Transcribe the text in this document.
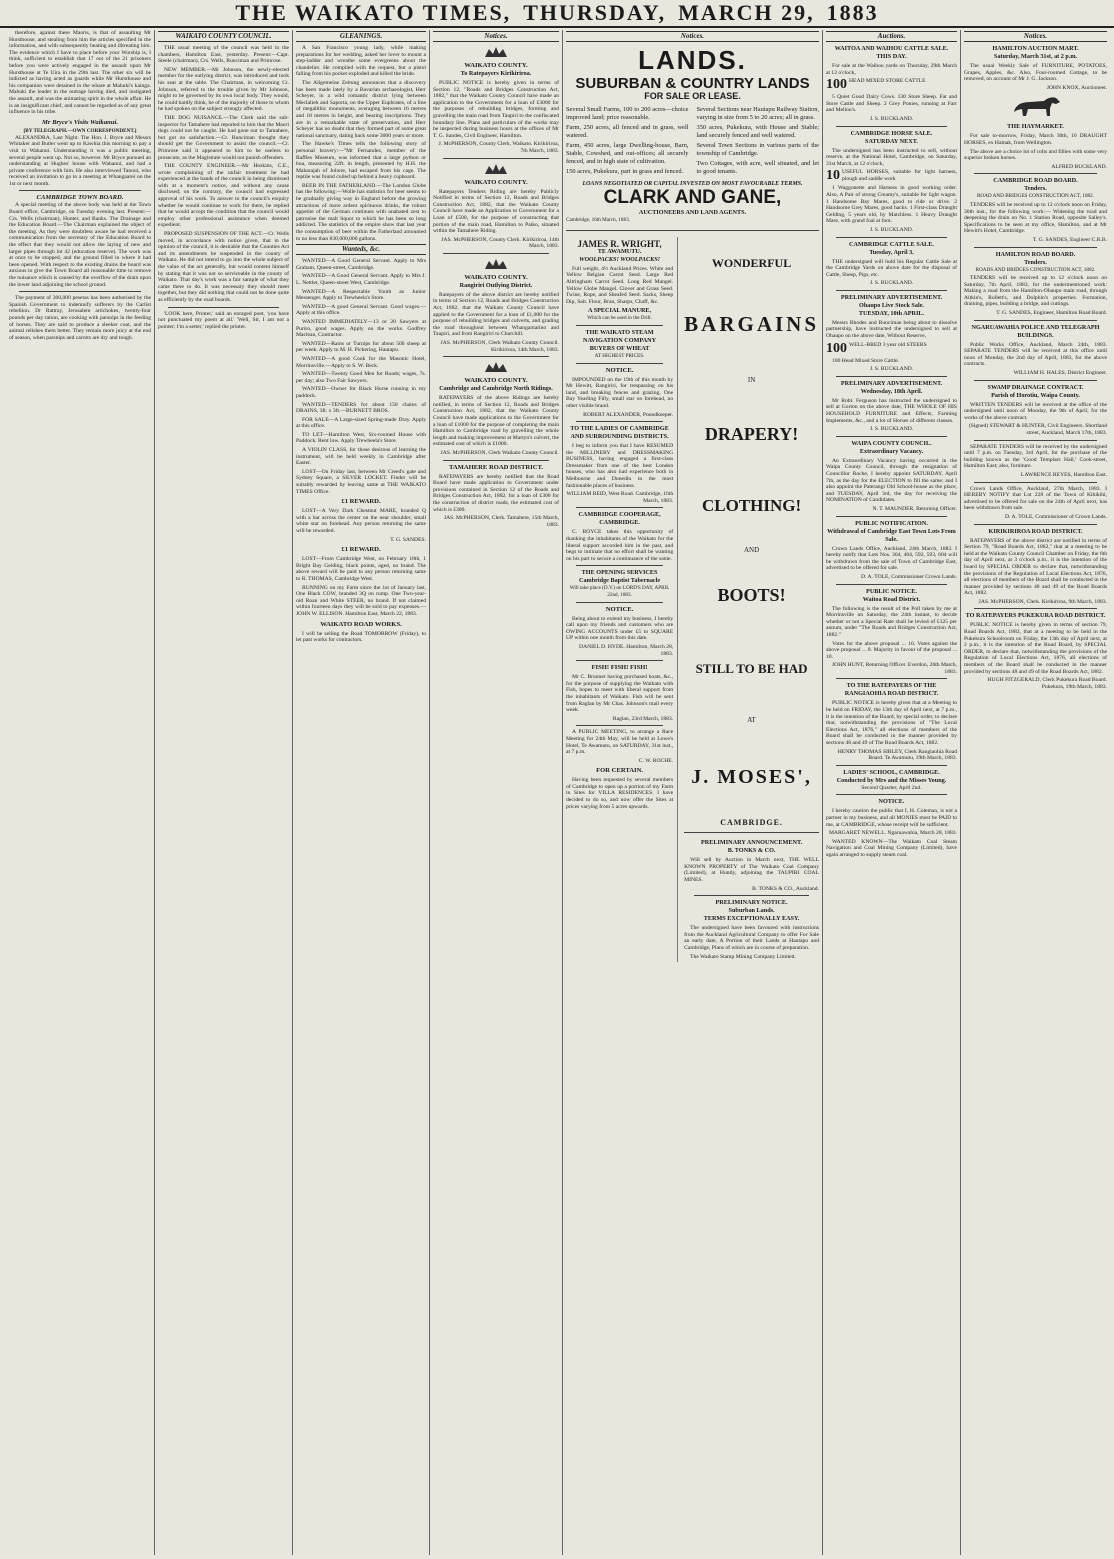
THE WAIKATO TIMES, THURSDAY, MARCH 29, 1883
therefore, against these Maoris, is that of assaulting Mr Hursthouse, and stealing from him the articles specified in the information, and with subsequently beating and illtreating him. The evidence which I have to place before your Worship is, I think, sufficient to establish that 17 out of the 21 prisoners before you were actively engaged in the assault upon Mr Hursthouse at Te Uira in the 29th last. The other six will be indicted as having acted as guards while Mr Hursthouse and his companion were detained in the whare at Mahuki's kainga. Mahuki the leader in the outrage having died, and instigated the assault, and was the animating spirit in the whole affair. He is an insignificant chief, and cannot be regarded as of any great influence in his tribe.
Mr Bryce's Visits Waikanui.
[BY TELEGRAPH.—OWN CORRESPONDENT.]
ALEXANDRA, Last Night. The Hon. J. Bryce and Messrs Whitaker and Butler went up to Kawhia this morning to pay a visit to Wahanui. Understanding it was a public meeting, several people went up. Not so, however. Mr Bryce pursued an understanding at Hughes' house with Wahanui, and had a private conference with him. He also interviewed Tanoui, who received an invitation to go to a meeting at Whangaarei on the 1st or next month.
CAMBRIDGE TOWN BOARD.
A special meeting of the above body was held at the Town Board office, Cambridge, on Tuesday evening last. Present:—Crs. Wells (chairman), Hunter, and Banks. The Drainage and the Education Board.—The Chairman explained the object of the meeting. As they were doubtless aware he had received a communication from the secretary of the Education Board to the effect that they would not allow the laying of new and larger pipes through lot 42 (education reserve). The work was at once to be stopped, and the ground filled in where it had been opened. With respect to the existing drains the board was anxious to give the Town Board all reasonable time to remove the nuisance which is caused by the overflow of the drain upon the lower land adjoining the school ground.
The payment of 300,000 pesetas has been authorised by the Spanish Government to indemnify sufferers by the Carlist rebellion. Dr Rattray, Jerusalem artichokes, twenty-four pounds per day ration, are cooking with parsnips in the feeding of horses. They are said to produce a sleeker coat, and the animal relishes them better. They remain more juicy at the end of season, when parsnips and carrots are dry and tough.
WAIKATO COUNTY COUNCIL.
THE usual meeting of the council was held in the chambers, Hamilton East, yesterday. Present:—Capt. Steele (chairman), Crs. Wells, Runciman and Primrose.
NEW MEMBER.—Mr Johnson, the newly-elected member for the outlying district, was introduced and took his seat at the table. The Chairman, in welcoming Cr. Johnson, referred to the trouble given by Mr Johnson, might to be governed by its own local body. They would, he could hardly think, be of the majority of those to whom he had spoken on the subject strongly affected.
THE DOG NUISANCE.—The Clerk said the sub-inspector for Tamahere had reported to him that the Maori dogs could not be caught. He had gone out to Tamahere, but got no satisfaction.—Cr. Runciman thought they should get the Government to assist the council.—Cr. Primrose said it appeared to him to be useless to prosecute, as the Magistrate would not punish offenders.
THE COUNTY ENGINEER.—Mr Hoskins, C.E., wrote complaining of the unfair treatment he had experienced at the hands of the council in being dismissed with at a moment's notice, and without any cause disclosed; on the contrary, the council had expressed approval of his work. To answer to the council's enquiry whether he would continue to work for them, he replied that he would accept the condition that the council would employ other professional assistance when deemed expedient.
PROPOSED SUSPENSION OF THE ACT.—Cr. Wells moved, in accordance with notice given, that in the opinion of the council, it is desirable that the Counties Act and its amendments be suspended in the county of Waikato. He did not intend to go into the whole subject of the value of the act generally, but would content himself by stating that it was not so serviceable in the county of Waikato. That day's work was a fair sample of what they came there to do. It was necessary they should meet together, but they did nothing that could not be done quite as efficiently by the road boards.
'LOOK here, Printer,' said an enraged poet, 'you have not punctuated my poem at all.' 'Well, Sir, I am not a pointer; I'm a setter,' replied the printer.
GLEANINGS.
A San Francisco young lady, while making preparations for her wedding, asked her lover to mount a step-ladder and wreathe some evergreens about the chandelier. He complied with the request, but a pistol falling from his pocket exploded and killed the bride.
The Allgemeine Zeitung announces that a discovery has been made lately by a Bavarian archaeologist, Herr Scheyer, in a wild romantic district lying between Meclalieh and Saporta, on the Upper Euphrates, of a line of megalithic monuments, averaging between 16 metres and 18 metres in height, and bearing inscriptions. They are in a remarkable state of preservation, and Herr Scheyer has no doubt that they formed part of some great national sanctuary, dating back some 3000 years or more.
The Hawke's Times tells the following story of personal bravery:—"Mr Fernandez, member of the Raffles Museum, was informed that a large python or boa, measuring 22ft. in length, presented by H.H. the Maharajah of Johore, had escaped from his cage. The reptile was found coiled up behind a heavy cupboard.
BEER IN THE FATHERLAND.—The London Globe has the following:—Wolle has statistics for beer seems to be gradually giving way in England before the growing attractions of more ardent spirituous drinks, the robust appetite of the German continues with unabated zest to patronise the malt liquor to which he has been so long addicted. The statistics of the empire show that last year the consumption of beer within the Fatherland amounted to no less than 830,000,000 gallons.
Wanteds, &c.
WANTED—A Good General Servant. Apply to Mrs Graham, Queen-street, Cambridge.
WANTED—A Good General Servant. Apply to Mrs J. L. Nettlet, Queen-street West, Cambridge.
WANTED—A Respectable Youth as Junior Messenger. Apply to Trewheela's Store.
WANTED—A good General Servant. Good wages.—Apply at this office.
WANTED IMMEDIATELY—13 or 20 Sawyers at Puriro, good wages. Apply on the works. Godfrey Maclean, Contractor.
WANTED—Rams or Turnips for about 500 sheep at per week. Apply to M. H. Pickering, Hautapu.
WANTED—A good Cook for the Masonic Hotel, Morrinsville.—Apply to S. W. Beck.
WANTED—Twenty Good Men for Roads; wages, 7s. per day; also Two Fair Sawyers.
WANTED—Owner for Black Horse running in my paddock.
WANTED—TENDERS for about 150 chains of DRAINS, 3ft. x 3ft.—BURNETT BROS.
FOR SALE—A Large-sized Spring-made Dray. Apply at this office.
TO LET—Hamilton West, Six-roomed House with Paddock. Rent low. Apply Trewheela's Store.
A VIOLIN CLASS, for those desirous of learning the instrument, will be held weekly in Cambridge after Easter.
LOST—On Friday last, between Mr Creed's gate and Sydney Square, a SILVER LOCKET. Finder will be suitably rewarded by leaving same at THE WAIKATO TIMES Office.
£1 REWARD.
LOST—A Very Dark Chestnut MARE, branded Q with a bar across the center on the near shoulder, small white star on forehead. Any person returning the same will be rewarded.
T. G. SANDES.
£1 REWARD.
LOST—From Cambridge West, on February 18th, 1 Bright Bay Gelding, black points, aged, no brand. The above reward will be paid to any person returning same to R. THOMAS, Cambridge West.
RUNNING on my Farm since the 1st of January last, One Black COW, branded 3Q on rump. One Two-year-old Roan and White STEER, no brand. If not claimed within fourteen days they will be sold to pay expenses.—JOHN W. ELLISON. Hamilton East, March 22, 1883.
WAIKATO ROAD WORKS.
I will be selling the Road TOMORROW (Friday), to let past works for contractors.
Notices.
WAIKATO COUNTY.
To Ratepayers Kirikiriroa.
PUBLIC NOTICE is hereby given in terms of Section 12, "Roads and Bridges Construction Act, 1882," that the Waikato County Council have made an application to the Government for a loan of £3000 for the purposes of rebuilding bridges, forming and gravelling the main road from Taupiri to the confiscated boundary line. Plans and particulars of the works may be inspected during business hours at the offices of Mr T. G. Sandes, Civil Engineer, Hamilton.
J. McPHERSON, County Clerk, Waikato. Kirikiriroa, 7th March, 1883.
WAIKATO COUNTY.
Ratepayers Tenders Riding are hereby Publicly Notified in terms of Section 12, Roads and Bridges Construction Act, 1882, that the Waikato County Council have made an Application to Government for a Loan of £500, for the purpose of constructing that portion of the main road, Hamilton to Paiko, situated within the Tamahere Riding.
JAS. McPHERSON, County Clerk. Kirikiriroa, 14th March, 1883.
WAIKATO COUNTY.
Rangiriri Outlying District.
Ratepayers of the above district are hereby notified in terms of Section 12, Roads and Bridges Construction Act, 1882, that the Waikato County Council have applied to the Government for a loan of £1,000 for the purpose of rebuilding bridges and culverts, and grading the road throughout between Whangamarino and Taupiri, and from Rangiriri to Churchill.
JAS. McPHERSON, Clerk Waikato County Council. Kirikiriroa, 14th March, 1883.
WAIKATO COUNTY.
Cambridge and Cambridge North Ridings.
RATEPAYERS of the above Ridings are hereby notified, in terms of Section 12, Roads and Bridges Construction Act, 1882, that the Waikato County Council have made applications to the Government for a loan of £1000 for the purpose of completing the main Hamilton to Cambridge road by gravelling the whole length and making improvement at Martyn's culvert, the estimated cost of which is £1000.
JAS. McPHERSON, Clerk Waikato County Council.
TAMAHERE ROAD DISTRICT.
RATEPAYERS are hereby notified that the Road Board have made application to Government under provisions contained in Section 12 of the Roads and Bridges Construction Act, 1882, for a loan of £300 for the construction of district roads, the estimated cost of which is £300.
JAS. McPHERSON, Clerk. Tamahere, 15th March, 1883.
Notices.
LANDS.
SUBURBAN & COUNTRY LANDS
FOR SALE OR LEASE.

Several Small Farms, 100 to 200 acres—choice improved land; price reasonable.

Farm, 250 acres, all fenced and in grass, well watered.

Farm, 450 acres, large Dwelling-house, Barn, Stable, Cowshed, and out-offices; all securely fenced, and in high state of cultivation.

150 acres, Pukekura, part in grass and fenced.

Several Sections near Hautapu Railway Station, varying in size from 5 to 20 acres; all in grass.

350 acres, Pukekura, with House and Stable; land securely fenced and well watered.

Several Town Sections in various parts of the township of Cambridge.

Two Cottages, with acre, well situated, and let to good tenants.

LOANS NEGOTIATED OR CAPITAL INVESTED ON MOST FAVOURABLE TERMS.
CLARK AND GANE,
AUCTIONEERS AND LAND AGENTS.
Cambridge, 16th March, 1883.
JAMES R. WRIGHT,
TE AWAMUTU.
WOOLPACKS! WOOLPACKS!
Full weight, 4½ Auckland Prices. White and Yellow Belgian Carrot Seed. Large Red Altringham Carrot Seed. Long Red Mangel. Yellow Globe Mangel. Clover and Grass Seed. Twine, Rope, and Sheafed Seed. Sacks, Sheep Dip, Salt. Flour, Bran, Sharps, Chaff, &c.
A SPECIAL MANURE,
Which can be used in the Drill.
THE WAIKATO STEAM NAVIGATION COMPANY
BUYERS OF WHEAT
AT HIGHEST PRICES.
NOTICE.
IMPOUNDED on the 19th of this month by Mr Hewitt, Rangiriri, for trespassing on his land, and breaking fences and grazing, One Bay Yearling Filly, small star on forehead, no other visible brand.
ROBERT ALEXANDER, Poundkeeper.
TO THE LADIES OF CAMBRIDGE AND SURROUNDING DISTRICTS.
I beg to inform you that I have RESUMED the MILLINERY and DRESSMAKING BUSINESS, having engaged a first-class Dressmaker from one of the best London houses, who has also had experience both in Melbourne and Dunedin in the most fashionable places of business.
WILLIAM REID, West Road. Cambridge, 16th March, 1883.
CAMBRIDGE COOPERAGE,
CAMBRIDGE.
C. BOYCE takes this opportunity of thanking the inhabitants of the Waikato for the liberal support accorded him in the past, and begs to intimate that no effort shall be wanting on his part to secure a continuance of the same.
THE OPENING SERVICES
Cambridge Baptist Tabernacle
Will take place (D.V.) on LORD'S DAY, APRIL 22nd, 1883.
NOTICE.
Being about to extend my business, I hereby call upon my friends and customers who are OWING ACCOUNTS under £5 to SQUARE UP within one month from this date.
DANIEL D. HYDE. Hamilton, March 28, 1883.
FISH! FISH! FISH!
Mr C. Brunner having purchased boats, &c., for the purpose of supplying the Waikato with Fish, hopes to meet with liberal support from the inhabitants of Waikato. Fish will be sent from Raglan by Mr Chas. Johnson's mail every week.
Raglan, 23rd March, 1883.
A PUBLIC MEETING, to arrange a Race Meeting for 24th May, will be held at Lowe's Hotel, Te Awamutu, on SATURDAY, 31st inst., at 7 p.m.
C. W. ROCHE.
FOR CERTAIN.
Having been requested by several members of Cambridge to open up a portion of my Farm in Sites for VILLA RESIDENCES. I have decided to do so, and now offer the Sites at prices varying from 5 acres upwards.
WONDERFUL
BARGAINS
IN
DRAPERY!
CLOTHING!
AND
BOOTS!
STILL TO BE HAD
AT
J. MOSES',
CAMBRIDGE.
PRELIMINARY ANNOUNCEMENT.
B. TONKS & CO.
Will sell by Auction in March next, THE WELL KNOWN PROPERTY of The Waikato Coal Company (Limited), at Huntly, adjoining the TAUPIRI COAL MINES.
B. TONKS & CO., Auckland.
PRELIMINARY NOTICE.
Suburban Lands.
TERMS EXCEPTIONALLY EASY.
The undersigned have been favoured with instructions from the Auckland Agricultural Company to offer For Sale an early date, A Portion of their Lands at Hautapu and Cambridge, Plans of which are in course of preparation.
The Waikato Stamp Mining Company Limited.
Auctions.
WAITOA AND WAIHOU CATTLE SALE.
THIS DAY.
For sale at the Waihou yards on Thursday, 29th March at 12 o'clock,
100 HEAD MIXED STORE CATTLE
5 Quiet Good Dairy Cows. 130 Store Sheep. Fat and Store Cattle and Sheep. 2 Grey Ponies, running at Farr and Mellon's.
J. S. BUCKLAND.
CAMBRIDGE HORSE SALE.
SATURDAY NEXT.
The undersigned has been instructed to sell, without reserve, at the National Hotel, Cambridge, on Saturday, 31st March, at 12 o'clock,
10 USEFUL HORSES, suitable for light harness, plough and saddle work
1 Waggonette and Harness in good working order. Also, A Pair of strong Creamy's, suitable for light wagon. 1 Handsome Bay Mares, good to ride or drive. 2 Handsome Grey Mares, good hacks. 1 First-class Draught Gelding, 5 years old, by Matchless. 1 Heavy Draught Mare, with grand foal at foot.
J. S. BUCKLAND.
CAMBRIDGE CATTLE SALE.
Tuesday, April 3.
THE undersigned will hold his Regular Cattle Sale at the Cambridge Yards on above date for the disposal of Cattle, Sheep, Pigs, etc.
J. S. BUCKLAND.
PRELIMINARY ADVERTISEMENT.
Ohaupo Live Stock Sale.
TUESDAY, 10th APRIL.
Messrs Rhodes and Runciman being about to dissolve partnership, have instructed the undersigned to sell at Ohaupo on the above date, Without Reserve,
100 WELL-BRED 3 year old STEERS
100 Head Mixed Store Cattle.
J. S. BUCKLAND.
PRELIMINARY ADVERTISEMENT.
Wednesday, 18th April.
Mr Robt. Ferguson has instructed the undersigned to sell at Gorton on the above date, THE WHOLE OF HIS HOUSEHOLD FURNITURE and Effects, Farming Implements, &c., and a lot of Horses of different classes.
J. S. BUCKLAND.
WAIPA COUNTY COUNCIL.
Extraordinary Vacancy.
An Extraordinary Vacancy having occurred in the Waipa County Council, through the resignation of Councillor Roche, I hereby appoint SATURDAY, April 7th, as the day for the ELECTION to fill the same; and I also appoint the Paterangi Old School-house as the place, and TUESDAY, April 3rd, the day for receiving the NOMINATION of Candidates.
N. T. MAUNDER, Returning Officer.
PUBLIC NOTIFICATION.
Withdrawal of Cambridge East Town Lots From Sale.
Crown Lands Office, Auckland, 24th March, 1883. I hereby notify that Lots Nos. 304, 404, 592, 593, 604 will be withdrawn from the sale of Town of Cambridge East, advertised to be offered for sale.
D. A. TOLE, Commissioner Crown Lands.
PUBLIC NOTICE.
Waitoa Road District.
The following is the result of the Poll taken by me at Morrinsville on Saturday, the 24th instant, to decide whether or not a Special Rate shall be levied of £125 per annum, under "The Roads and Bridges Construction Act, 1882."
Votes for the above proposal ... 10. Votes against the above proposal ... 0. Majority in favour of the proposal ... 10.
JOHN HUNT, Returning Officer. Everdon, 26th March, 1883.
TO THE RATEPAYERS OF THE RANGIAOHIA ROAD DISTRICT.
PUBLIC NOTICE is hereby given that at a Meeting to be held on FRIDAY, the 13th day of April next, at 7 p.m., it is the intention of the Board, by special order, to declare that, notwithstanding the provisions of "The Local Elections Act, 1876," all elections of members of the Board shall be conducted in the manner provided by sections 48 and 49 of The Road Boards Act, 1882.
HENRY THOMAS SIBLEY, Clerk Rangiaohia Road Board. Te Awamutu, 19th March, 1883.
LADIES' SCHOOL, CAMBRIDGE.
Conducted by Mrs and the Misses Young.
Second Quarter, April 2nd.
NOTICE.
I hereby caution the public that I, H. Coleman, is not a partner in my business, and all MONIES must be PAID to me, at CAMBRIDGE, whose receipt will be sufficient.
MARGARET NEWELL. Ngaruawahia, March 28, 1883.
WANTED KNOWN—The Waikato Coal Steam Navigation and Coal Mining Company (Limited), have again arranged to supply steam coal.
Notices.
HAMILTON AUCTION MART.
Saturday, March 31st, at 2 p.m.
The usual Weekly Sale of FURNITURE, POTATOES, Grapes, Apples, &c. Also, Four-roomed Cottage, to be removed, on account of Mr J. G. Jackson.
JOHN KNOX, Auctioneer.
THE HAYMARKET.
For sale to-morrow, Friday, March 30th, 10 DRAUGHT HORSES, ex Hamak, from Wellington.
The above are a choice lot of colts and fillies with some very superior broken horses.
ALFRED BUCKLAND.
CAMBRIDGE ROAD BOARD.
Tenders.
ROAD AND BRIDGES CONSTRUCTION ACT, 1882.
TENDERS will be received up to 12 o'clock noon on Friday, 30th inst., for the following work:— Widening the road and deepening the drain on No. 1 Station Road, opposite Salley's. Specifications to be seen at my office, Hamilton, and at Mr Hewitt's Hotel, Cambridge.
T. G. SANDES, Engineer C.R.B.
HAMILTON ROAD BOARD.
Tenders.
ROADS AND BRIDGES CONSTRUCTION ACT, 1882.
TENDERS will be received up to 12 o'clock noon on Saturday, 7th April, 1883, for the undermentioned work: Making a road from the Hamilton-Ohaupo main road, through Aitkin's, Rollett's, and Dolphin's properties. Formation, draining, pipes, building a bridge, and cuttings.
T. G. SANDES, Engineer, Hamilton Road Board.
NGARUAWAHIA POLICE AND TELEGRAPH BUILDINGS.
Public Works Office, Auckland, March 24th, 1883. SEPARATE TENDERS will be received at this office until noon of Monday, the 2nd day of April, 1883, for the above contracts.
WILLIAM H. HALES, District Engineer.
SWAMP DRAINAGE CONTRACT.
Parish of Horotiu, Waipa County.
WRITTEN TENDERS will be received at the office of the undersigned until noon of Monday, the 9th of April, for the works of the above contract.
(Signed) STEWART & HUNTER, Civil Engineers. Shortland street, Auckland, March 17th, 1883.
SEPARATE TENDERS will be received by the undersigned until 7 p.m. on Tuesday, 3rd April, for the purchase of the building known as the 'Good Templars Hall,' Cook-street, Hamilton East; also, furniture.
LAWRENCE REYES, Hamilton East.
Crown Lands Office, Auckland, 27th March, 1883. I HEREBY NOTIFY that Lot 228 of the Town of Kihikihi, advertised to be offered for sale on the 24th of April next, has been withdrawn from sale.
D. A. TOLE, Commissioner of Crown Lands.
KIRIKIRIROA ROAD DISTRICT.
RATEPAYERS of the above district are notified in terms of Section 79, "Road Boards Act, 1882," that at a meeting to be held at the Waikato County Council Chamber on Friday, the 6th day of April next, at 3 o'clock p.m., it is the intention of the board by SPECIAL ORDER to declare that, notwithstanding the provisions of the Regulation of Local Elections Act, 1876, all elections of members of the Board shall be conducted in the manner provided by sections 48 and 49 of the Road Boards Act, 1882.
JAS. McPHERSON, Clerk. Kirikiriroa, 9th March, 1883.
TO RATEPAYERS PUKEKURA ROAD DISTRICT.
PUBLIC NOTICE is hereby given in terms of section 79, Road Boards Act, 1882, that at a meeting to be held in the Pukekura Schoolroom on Friday, the 13th day of April next, at 2 p.m., it is the intention of the Road Board, by SPECIAL ORDER, to declare that, notwithstanding the provisions of the Regulation of Local Elections Act, 1876, all elections of members of the Board shall be conducted in the manner provided by sections 48 and 49 of the Road Boards Act, 1882.
HUGH FITZGERALD, Clerk Pukekura Road Board. Pukekura, 19th March, 1883.
